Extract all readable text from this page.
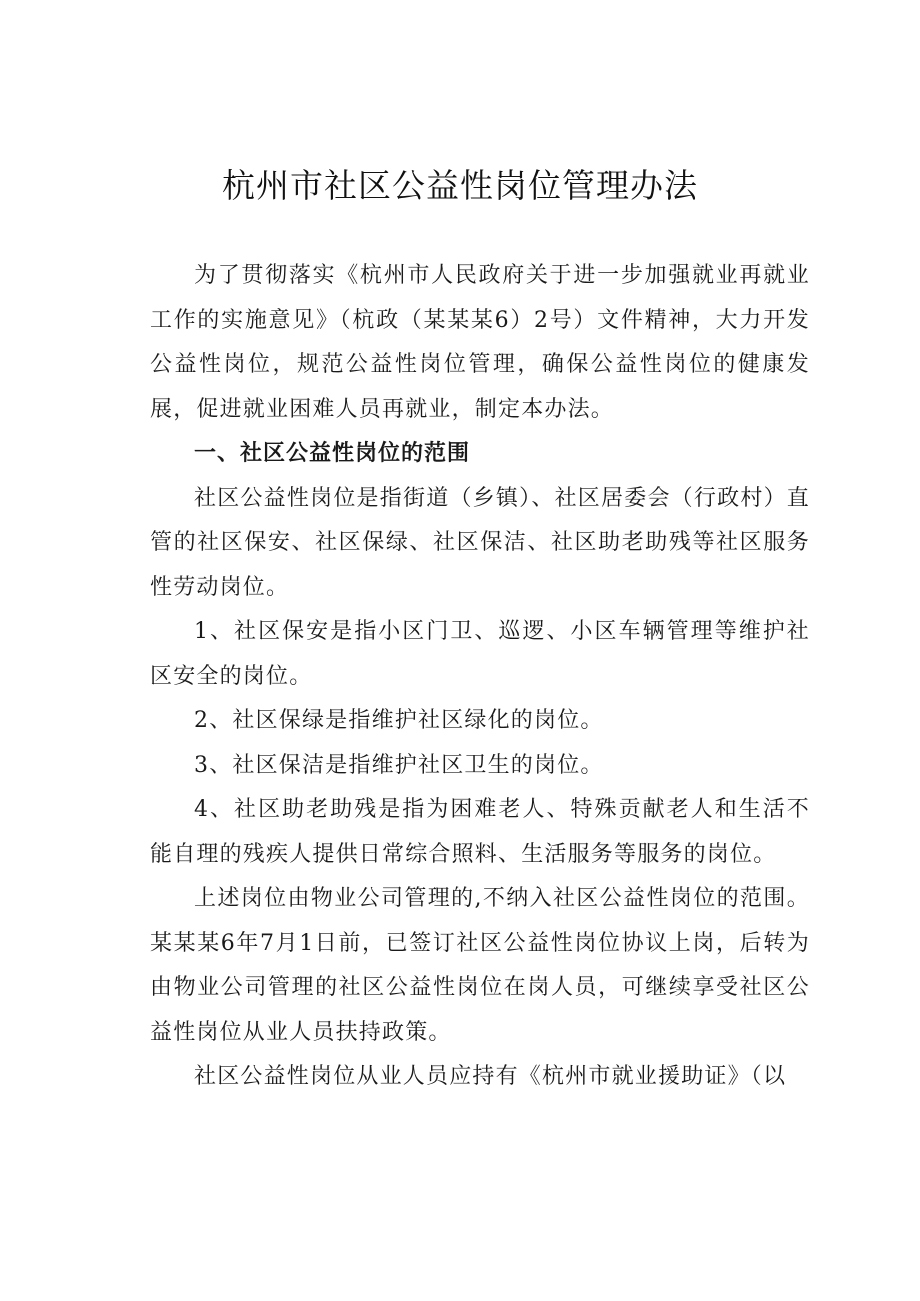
杭州市社区公益性岗位管理办法

为了贯彻落实《杭州市人民政府关于进一步加强就业再就业工作的实施意见》（杭政（某某某6）2号）文件精神，大力开发公益性岗位，规范公益性岗位管理，确保公益性岗位的健康发展，促进就业困难人员再就业，制定本办法。

一、社区公益性岗位的范围

社区公益性岗位是指街道（乡镇）、社区居委会（行政村）直管的社区保安、社区保绿、社区保洁、社区助老助残等社区服务性劳动岗位。

1、社区保安是指小区门卫、巡逻、小区车辆管理等维护社区安全的岗位。

2、社区保绿是指维护社区绿化的岗位。

3、社区保洁是指维护社区卫生的岗位。

4、社区助老助残是指为困难老人、特殊贡献老人和生活不能自理的残疾人提供日常综合照料、生活服务等服务的岗位。

上述岗位由物业公司管理的,不纳入社区公益性岗位的范围。某某某6年7月1日前，已签订社区公益性岗位协议上岗，后转为由物业公司管理的社区公益性岗位在岗人员，可继续享受社区公益性岗位从业人员扶持政策。

社区公益性岗位从业人员应持有《杭州市就业援助证》（以
